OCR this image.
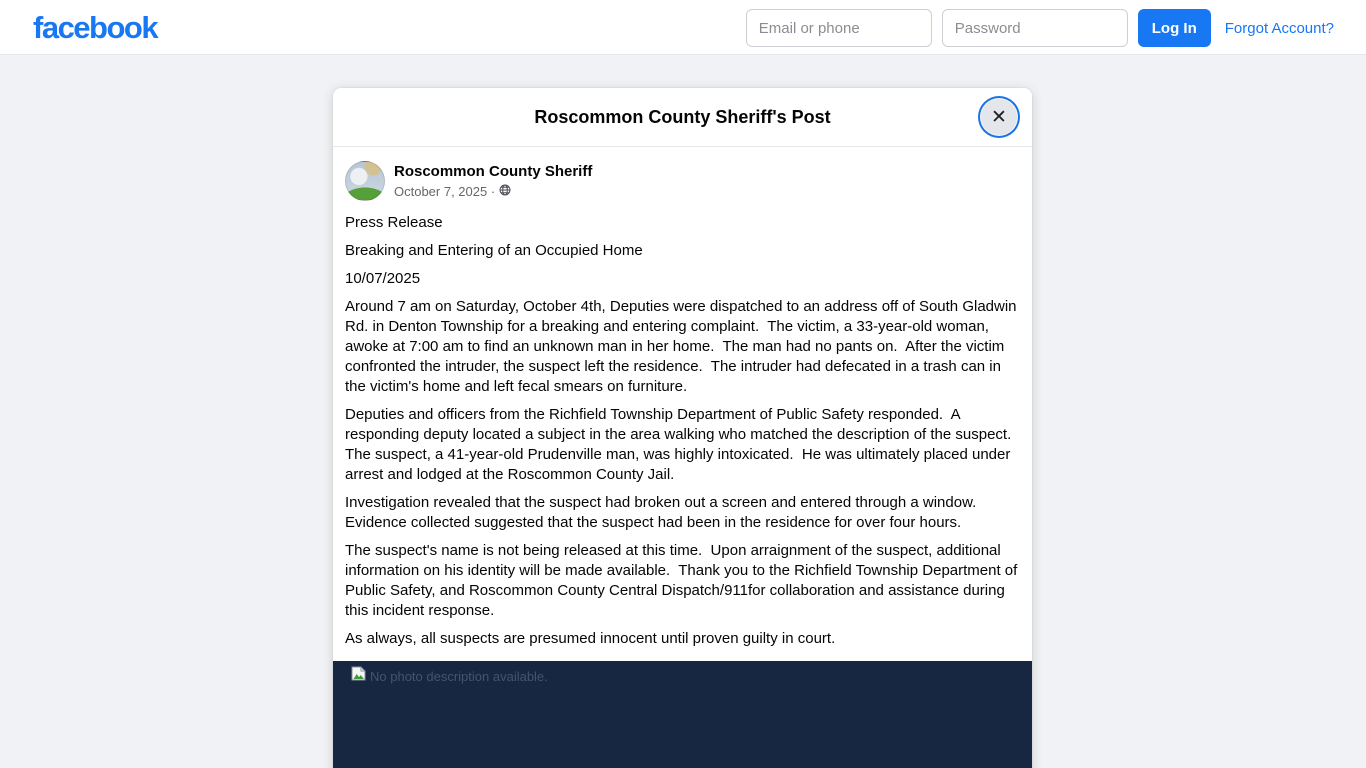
facebook
Email or phone	Log In	Forgot Account?
Roscommon County Sheriff's Post	✕
Roscommon County Sheriff
October 7, 2025 ·

Press Release

Breaking and Entering of an Occupied Home

10/07/2025

Around 7 am on Saturday, October 4th, Deputies were dispatched to an address off of South Gladwin Rd. in Denton Township for a breaking and entering complaint.  The victim, a 33-year-old woman, awoke at 7:00 am to find an unknown man in her home.  The man had no pants on.  After the victim confronted the intruder, the suspect left the residence.  The intruder had defecated in a trash can in the victim's home and left fecal smears on furniture.

Deputies and officers from the Richfield Township Department of Public Safety responded.  A responding deputy located a subject in the area walking who matched the description of the suspect.  The suspect, a 41-year-old Prudenville man, was highly intoxicated.  He was ultimately placed under arrest and lodged at the Roscommon County Jail.

Investigation revealed that the suspect had broken out a screen and entered through a window.  Evidence collected suggested that the suspect had been in the residence for over four hours.

The suspect's name is not being released at this time.  Upon arraignment of the suspect, additional information on his identity will be made available.  Thank you to the Richfield Township Department of Public Safety, and Roscommon County Central Dispatch/911for collaboration and assistance during this incident response.

As always, all suspects are presumed innocent until proven guilty in court.

No photo description available.
